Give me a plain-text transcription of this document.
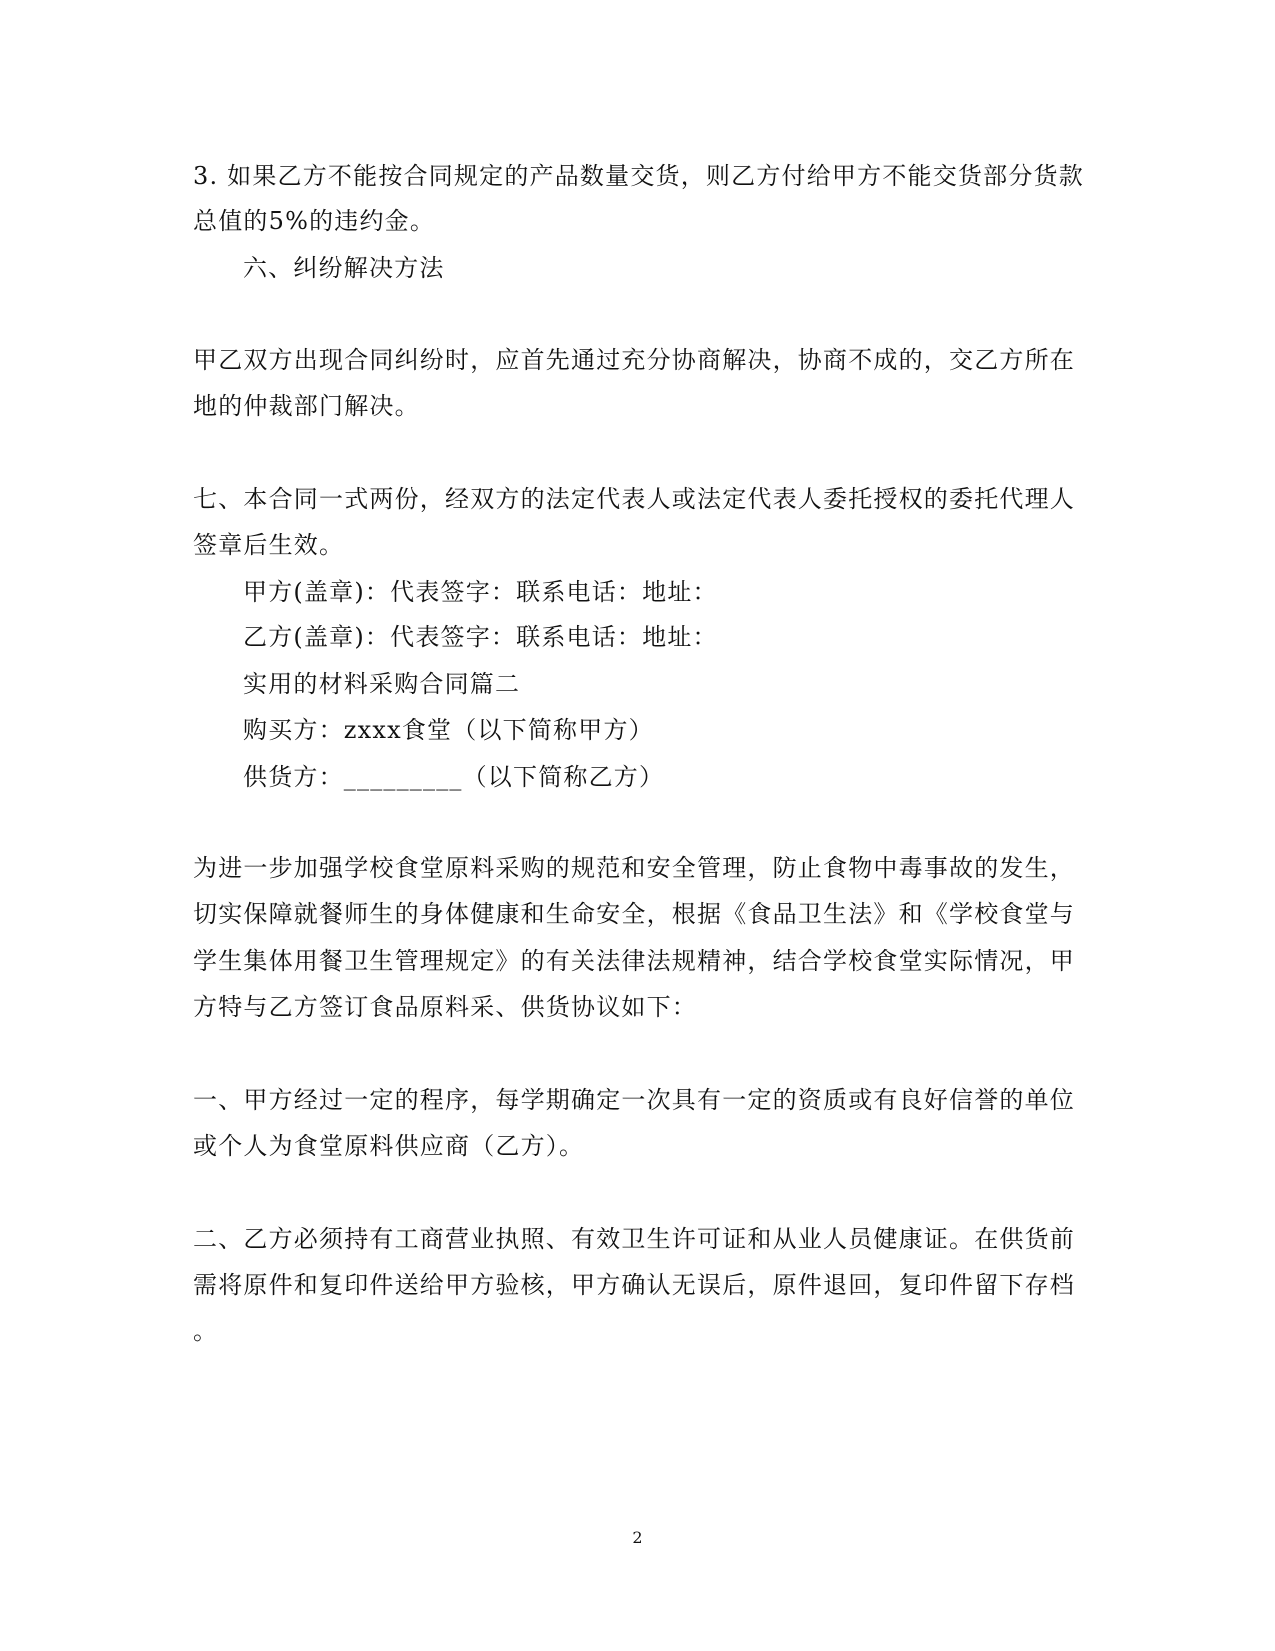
3. 如果乙方不能按合同规定的产品数量交货，则乙方付给甲方不能交货部分货款
总值的5%的违约金。
六、纠纷解决方法
甲乙双方出现合同纠纷时，应首先通过充分协商解决，协商不成的，交乙方所在
地的仲裁部门解决。
七、本合同一式两份，经双方的法定代表人或法定代表人委托授权的委托代理人
签章后生效。
甲方(盖章)：代表签字：联系电话：地址：
乙方(盖章)：代表签字：联系电话：地址：
实用的材料采购合同篇二
购买方：zxxx食堂（以下简称甲方）
供货方：_________（以下简称乙方）
为进一步加强学校食堂原料采购的规范和安全管理，防止食物中毒事故的发生，
切实保障就餐师生的身体健康和生命安全，根据《食品卫生法》和《学校食堂与
学生集体用餐卫生管理规定》的有关法律法规精神，结合学校食堂实际情况，甲
方特与乙方签订食品原料采、供货协议如下：
一、甲方经过一定的程序，每学期确定一次具有一定的资质或有良好信誉的单位
或个人为食堂原料供应商（乙方）。
二、乙方必须持有工商营业执照、有效卫生许可证和从业人员健康证。在供货前
需将原件和复印件送给甲方验核，甲方确认无误后，原件退回，复印件留下存档
。
2
